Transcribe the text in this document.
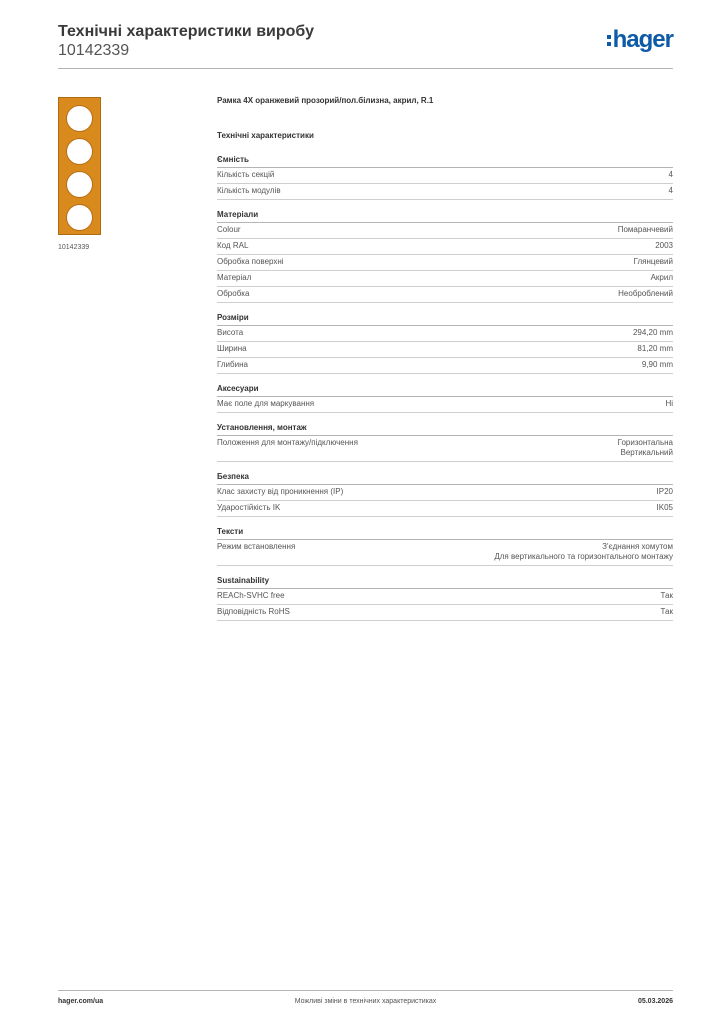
Технічні характеристики виробу
10142339	hager
10142339
Рамка 4X оранжевий прозорий/пол.білизна, акрил, R.1
Технічні характеристики
Ємність
Кількість секцій	4
Кількість модулів	4
Матеріали
Colour	Помаранчевий
Код RAL	2003
Обробка поверхні	Глянцевий
Матеріал	Акрил
Обробка	Необроблений
Розміри
Висота	294,20 mm
Ширина	81,20 mm
Глибина	9,90 mm
Аксесуари
Має поле для маркування	Ні
Установлення, монтаж
Положення для монтажу/підключення	Горизонтальна
Вертикальний
Безпека
Клас захисту від проникнення (IP)	IP20
Ударостійкість IK	IK05
Тексти
Режим встановлення	З'єднання хомутом
Для вертикального та горизонтального монтажу
Sustainability
REACh-SVHC free	Так
Відповідність RoHS	Так
Можливі зміни в технічних характеристиках
hager.com/ua	05.03.2026
